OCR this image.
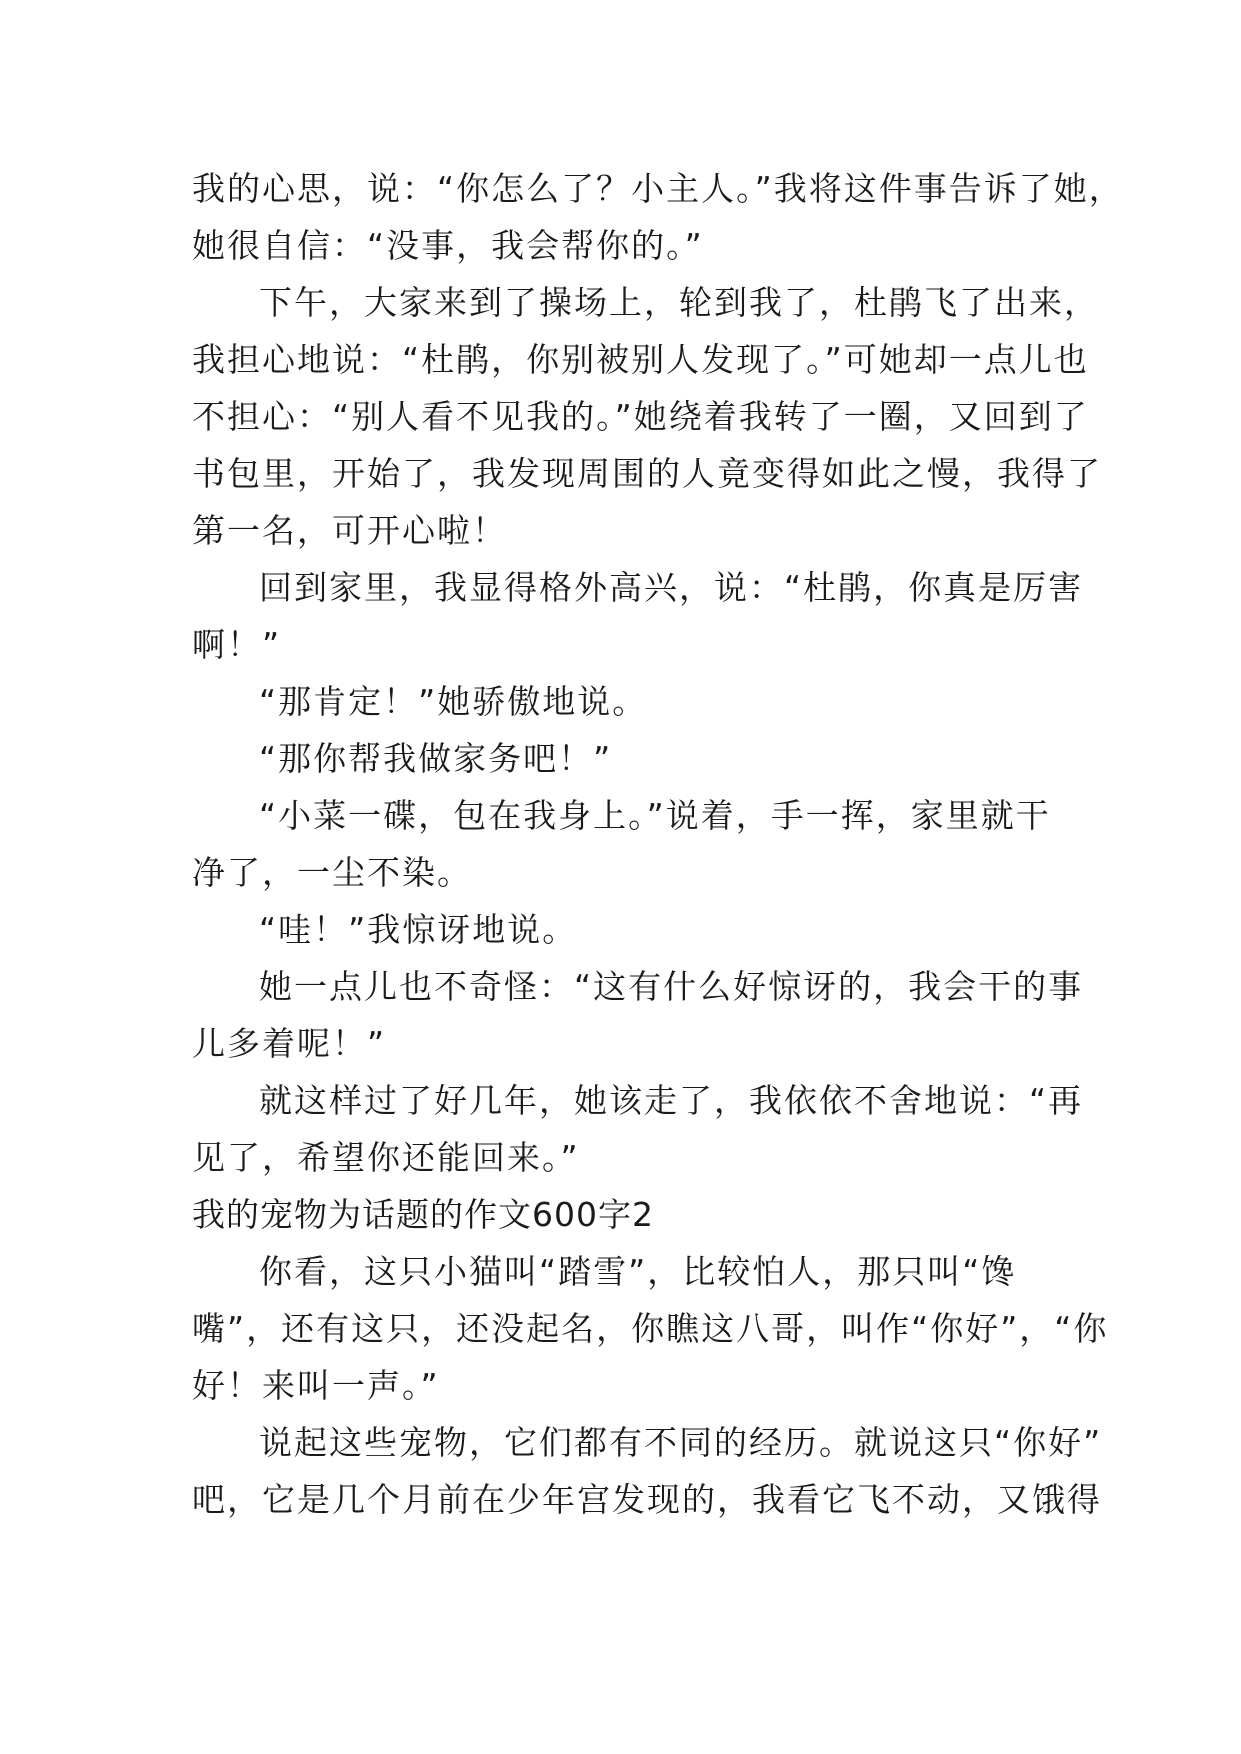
我的心思，说：“你怎么了？小主人。”我将这件事告诉了她，
她很自信：“没事，我会帮你的。”
下午，大家来到了操场上，轮到我了，杜鹃飞了出来，
我担心地说：“杜鹃，你别被别人发现了。”可她却一点儿也
不担心：“别人看不见我的。”她绕着我转了一圈，又回到了
书包里，开始了，我发现周围的人竟变得如此之慢，我得了
第一名，可开心啦！
回到家里，我显得格外高兴，说：“杜鹃，你真是厉害
啊！”
“那肯定！”她骄傲地说。
“那你帮我做家务吧！”
“小菜一碟，包在我身上。”说着，手一挥，家里就干
净了，一尘不染。
“哇！”我惊讶地说。
她一点儿也不奇怪：“这有什么好惊讶的，我会干的事
儿多着呢！”
就这样过了好几年，她该走了，我依依不舍地说：“再
见了，希望你还能回来。”
我的宠物为话题的作文600字2
你看，这只小猫叫“踏雪”，比较怕人，那只叫“馋
嘴”，还有这只，还没起名，你瞧这八哥，叫作“你好”，“你
好！来叫一声。”
说起这些宠物，它们都有不同的经历。就说这只“你好”
吧，它是几个月前在少年宫发现的，我看它飞不动，又饿得
